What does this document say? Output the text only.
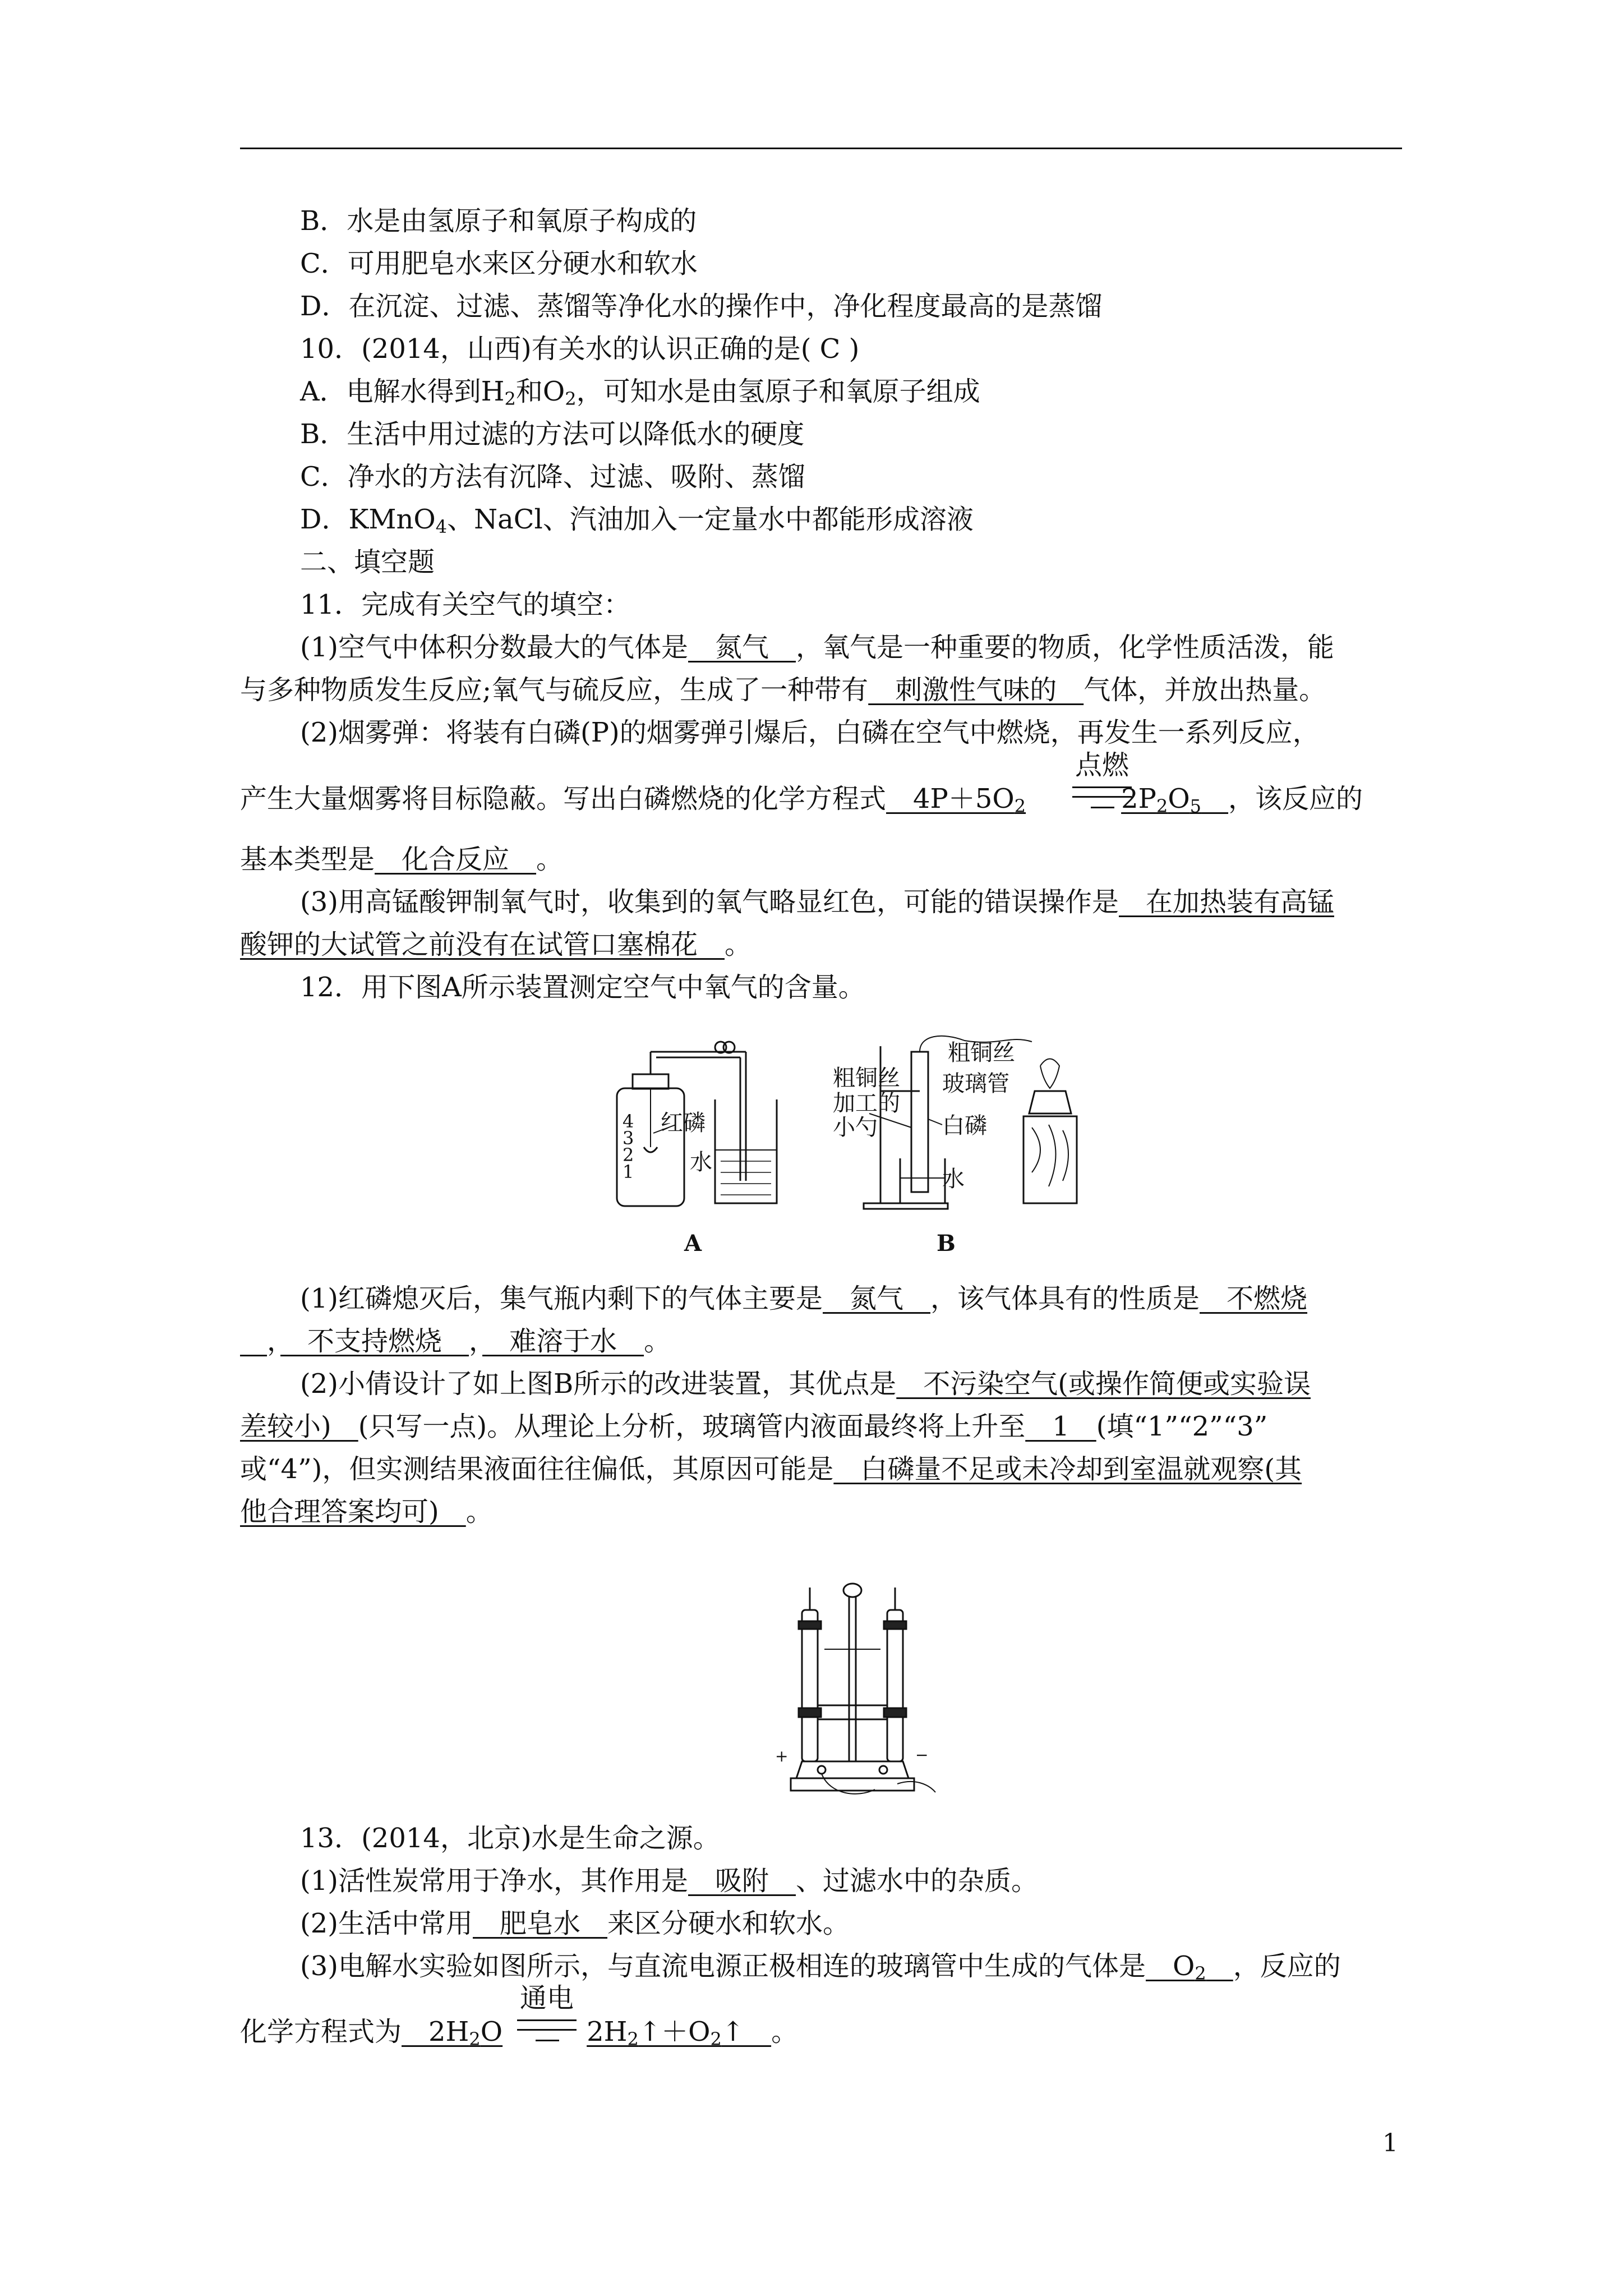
B．水是由氢原子和氧原子构成的
C．可用肥皂水来区分硬水和软水
D．在沉淀、过滤、蒸馏等净化水的操作中，净化程度最高的是蒸馏
10．(2014，山西)有关水的认识正确的是( C )
A．电解水得到$H_2$和$O_2$，可知水是由氢原子和氧原子组成
B．生活中用过滤的方法可以降低水的硬度
C．净水的方法有沉降、过滤、吸附、蒸馏
D．KMnO$_4$、NaCl、汽油加入一定量水中都能形成溶液
二、填空题
11．完成有关空气的填空：
(1)空气中体积分数最大的气体是　氮气　，氧气是一种重要的物质，化学性质活泼，能
与多种物质发生反应;氧气与硫反应，生成了一种带有　刺激性气味的　气体，并放出热量。
(2)烟雾弹：将装有白磷(P)的烟雾弹引爆后，白磷在空气中燃烧，再发生一系列反应，
产生大量烟雾将目标隐蔽。写出白磷燃烧的化学方程式　$4P+5O_2$	$2P_2O_5$　 ，该反应的
点燃
基本类型是　化合反应　。
(3)用高锰酸钾制氧气时，收集到的氧气略显红色，可能的错误操作是　在加热装有高锰
酸钾的大试管之前没有在试管口塞棉花　。
12．用下图A所示装置测定空气中氧气的含量。
红磷
水
4
3
2
1
A	B
粗铜丝
玻璃管
粗铜丝
加工的
小勺	白磷
水
(1)红磷熄灭后，集气瓶内剩下的气体主要是　氮气　，该气体具有的性质是　不燃烧
　，　不支持燃烧　，　难溶于水　。
(2)小倩设计了如上图B所示的改进装置，其优点是　不污染空气(或操作简便或实验误
差较小)　(只写一点)。从理论上分析，玻璃管内液面最终将上升至　1　(填“1”“2”“3”
或“4”)，但实测结果液面往往偏低，其原因可能是　白磷量不足或未冷却到室温就观察(其
他合理答案均可)　。
+	−
13．(2014，北京)水是生命之源。
(1)活性炭常用于净水，其作用是　吸附　、过滤水中的杂质。
(2)生活中常用　肥皂水　来区分硬水和软水。
(3)电解水实验如图所示，与直流电源正极相连的玻璃管中生成的气体是　$O_2$　 ，反应的
化学方程式为　$2H_2O$	$2H_2↑+O_2↑$　。
通电
1
